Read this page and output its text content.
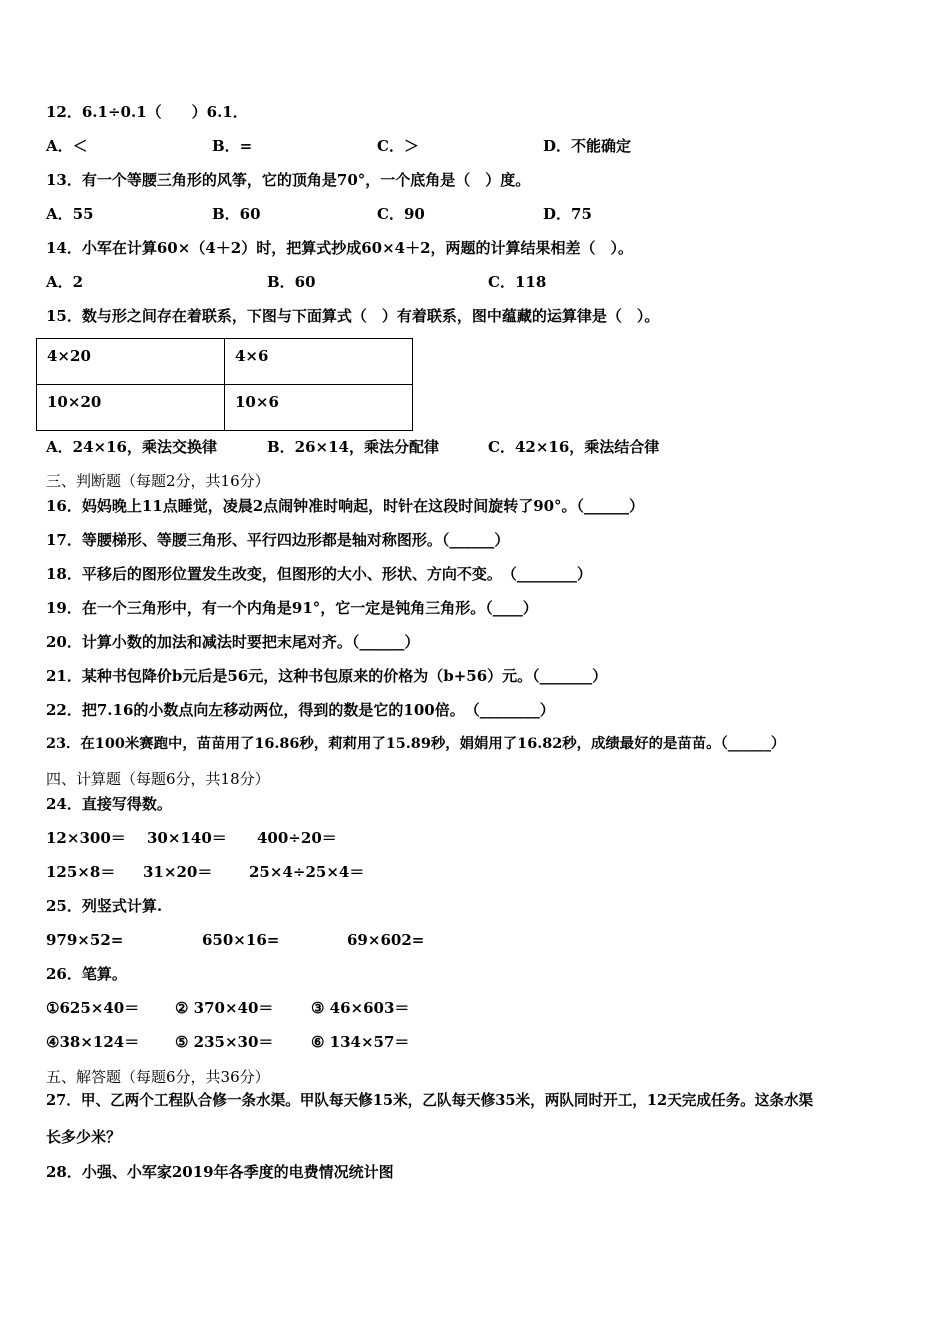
12．6.1÷0.1（　　）6.1．
A．＜	B．=	C．＞	D．不能确定
13．有一个等腰三角形的风筝，它的顶角是70°，一个底角是（　）度。
A．55	B．60	C．90	D．75
14．小军在计算60×（4＋2）时，把算式抄成60×4＋2，两题的计算结果相差（　）。
A．2	B．60	C．118
15．数与形之间存在着联系，下图与下面算式（　）有着联系，图中蕴藏的运算律是（　）。
4×20	4×6
10×20	10×6
A．24×16，乘法交换律	B．26×14，乘法分配律	C．42×16，乘法结合律
三、判断题（每题2分，共16分）
16．妈妈晚上11点睡觉，凌晨2点闹钟准时响起，时针在这段时间旋转了90°。（______）
17．等腰梯形、等腰三角形、平行四边形都是轴对称图形。（______）
18．平移后的图形位置发生改变，但图形的大小、形状、方向不变。　（________）
19．在一个三角形中，有一个内角是91°，它一定是钝角三角形。（____）
20．计算小数的加法和减法时要把末尾对齐。（______）
21．某种书包降价b元后是56元，这种书包原来的价格为（b+56）元。（_______）
22．把7.16的小数点向左移动两位，得到的数是它的100倍。　（________）
23．在100米赛跑中，苗苗用了16.86秒，莉莉用了15.89秒，娟娟用了16.82秒，成绩最好的是苗苗。（______）
四、计算题（每题6分，共18分）
24．直接写得数。
12×300＝ 30×140＝ 400÷20＝
125×8＝ 31×20＝ 25×4÷25×4＝
25．列竖式计算.
979×52=	650×16=	69×602=
26．笔算。
①625×40＝ ② 370×40＝	③ 46×603＝
④38×124＝ ⑤ 235×30＝	⑥ 134×57＝
五、解答题（每题6分，共36分）
27．甲、乙两个工程队合修一条水渠。甲队每天修15米，乙队每天修35米，两队同时开工，12天完成任务。这条水渠
长多少米？
28．小强、小军家2019年各季度的电费情况统计图
